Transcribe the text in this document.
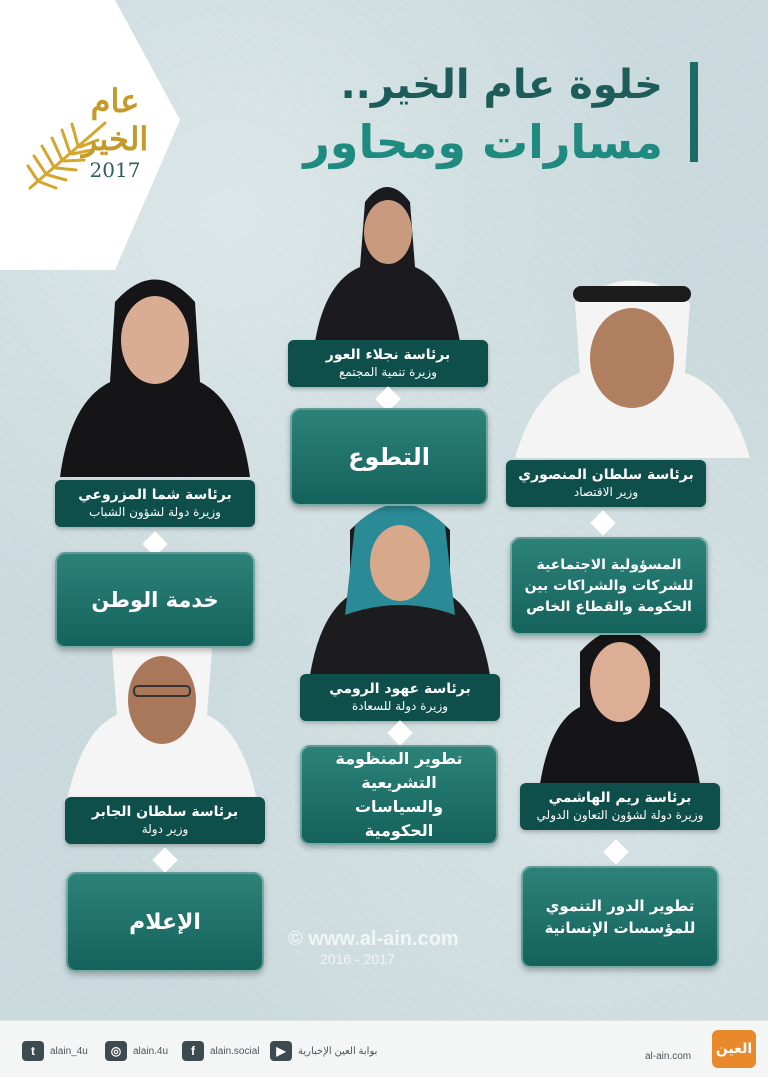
عام الخير
2017
خلوة عام الخير..
مسارات ومحاور
برئاسة نجلاء العور
وزيرة تنمية المجتمع
برئاسة شما المزروعي
وزيرة دولة لشؤون الشباب
برئاسة سلطان المنصوري
وزير الاقتصاد
برئاسة عهود الرومي
وزيرة دولة للسعادة
برئاسة سلطان الجابر
وزير دولة
برئاسة ريم الهاشمي
وزيرة دولة لشؤون التعاون الدولي
التطوع
خدمة الوطن
المسؤولية الاجتماعية للشركات والشراكات بين الحكومة والقطاع الخاص
تطوير المنظومة التشريعية والسياسات الحكومية
الإعلام
تطوير الدور التنموي للمؤسسات الإنسانية
© www.al-ain.com
2016 - 2017
t	alain_4u	◎	alain.4u	f	alain.social	▶	بوابة العين الإخبارية	al-ain.com العين
